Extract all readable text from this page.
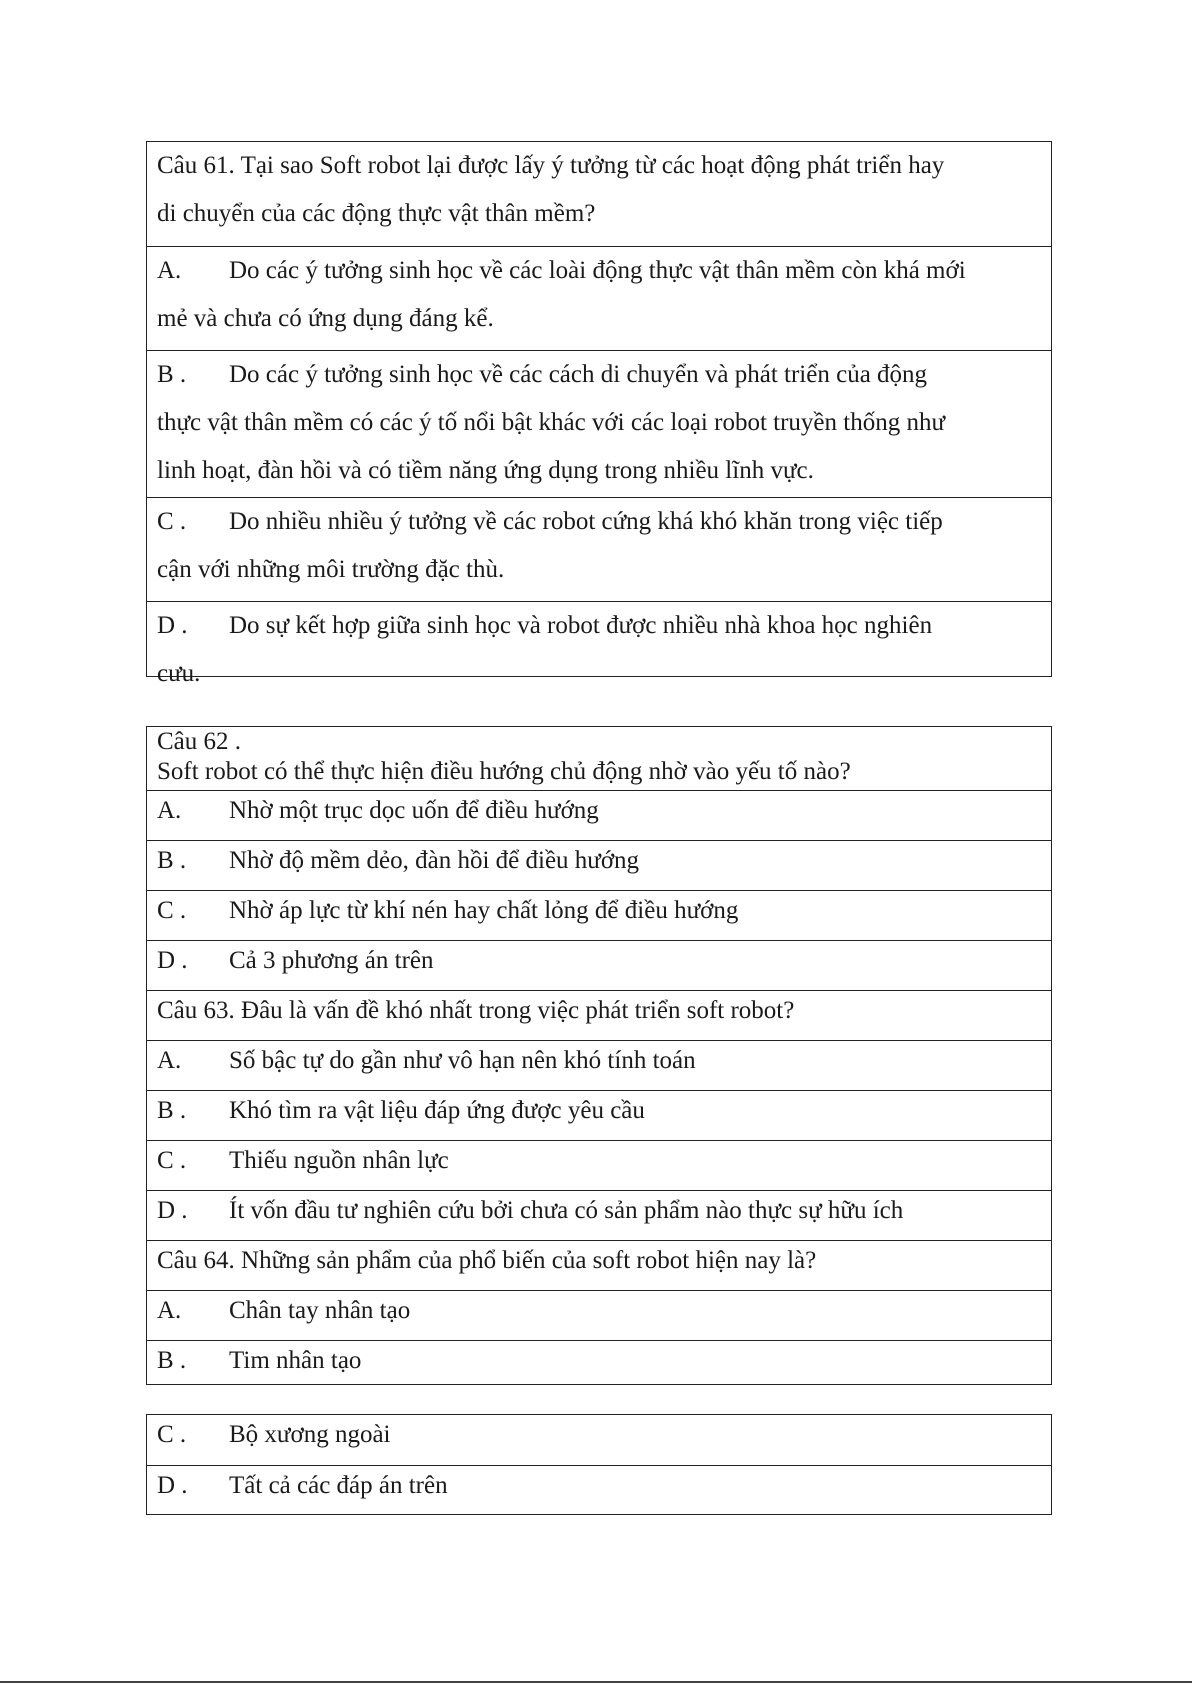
Câu 61. Tại sao Soft robot lại được lấy ý tưởng từ các hoạt động phát triển hay
di chuyển của các động thực vật thân mềm?
A.	Do các ý tưởng sinh học về các loài động thực vật thân mềm còn khá mới
mẻ và chưa có ứng dụng đáng kể.
B .	Do các ý tưởng sinh học về các cách di chuyển và phát triển của động
thực vật thân mềm có các ý tố nổi bật khác với các loại robot truyền thống như
linh hoạt, đàn hồi và có tiềm năng ứng dụng trong nhiều lĩnh vực.
C .	Do nhiều nhiều ý tưởng về các robot cứng khá khó khăn trong việc tiếp
cận với những môi trường đặc thù.
D .	Do sự kết hợp giữa sinh học và robot được nhiều nhà khoa học nghiên
cưu.
Câu 62 .
Soft robot có thể thực hiện điều hướng chủ động nhờ vào yếu tố nào?
A.	Nhờ một trục dọc uốn để điều hướng
B .	Nhờ độ mềm dẻo, đàn hồi để điều hướng
C .	Nhờ áp lực từ khí nén hay chất lỏng để điều hướng
D .	Cả 3 phương án trên
Câu 63. Đâu là vấn đề khó nhất trong việc phát triển soft robot?
A.	Số bậc tự do gần như vô hạn nên khó tính toán
B .	Khó tìm ra vật liệu đáp ứng được yêu cầu
C .	Thiếu nguồn nhân lực
D .	Ít vốn đầu tư nghiên cứu bởi chưa có sản phẩm nào thực sự hữu ích
Câu 64. Những sản phẩm của phổ biến của soft robot hiện nay là?
A.	Chân tay nhân tạo
B .	Tim nhân tạo
C .	Bộ xương ngoài
D .	Tất cả các đáp án trên
